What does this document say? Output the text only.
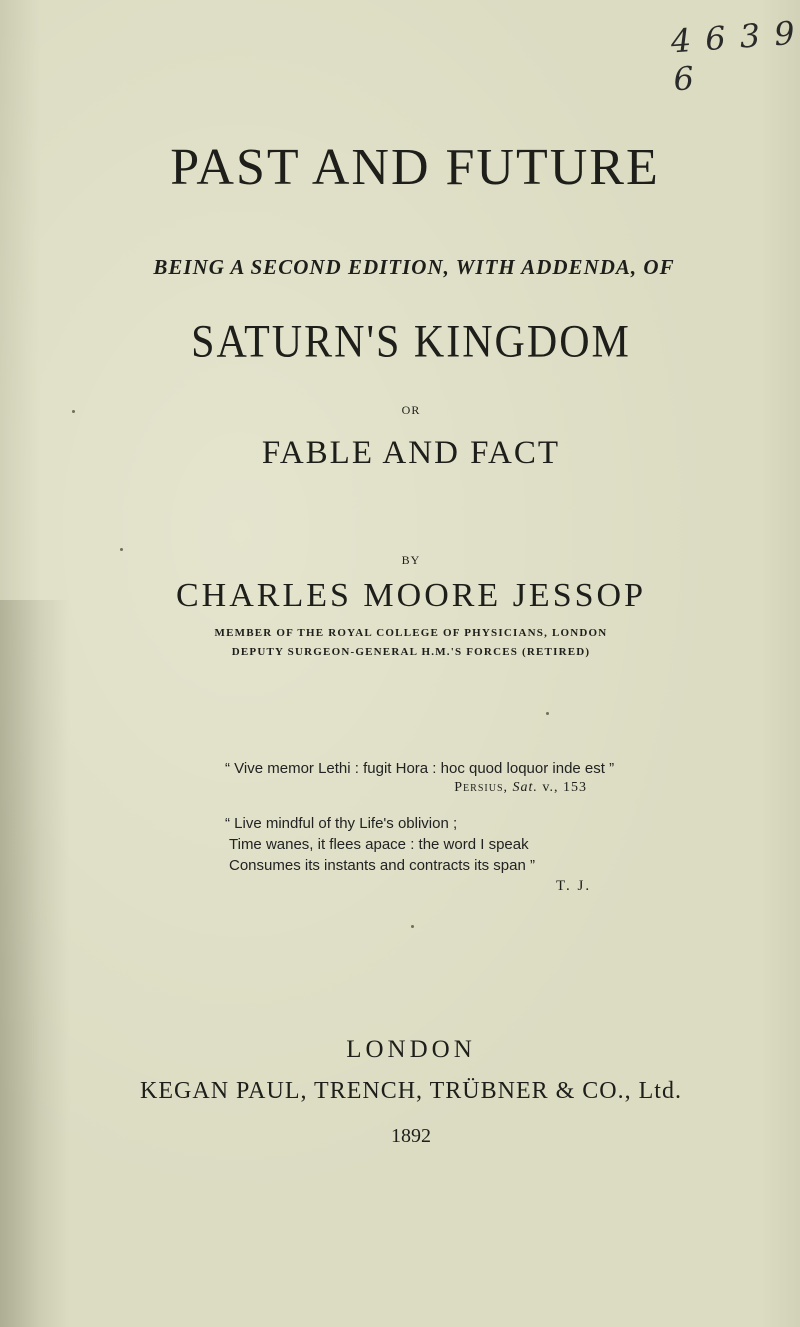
4 6 3 9 6
PAST AND FUTURE
BEING A SECOND EDITION, WITH ADDENDA, OF
SATURN'S KINGDOM
OR
FABLE AND FACT
BY
CHARLES MOORE JESSOP
MEMBER OF THE ROYAL COLLEGE OF PHYSICIANS, LONDON
DEPUTY SURGEON-GENERAL H.M.'S FORCES (RETIRED)
“ Vive memor Lethi : fugit Hora : hoc quod loquor inde est ”
Persius, Sat. v., 153
“ Live mindful of thy Life's oblivion ;
Time wanes, it flees apace : the word I speak
Consumes its instants and contracts its span ”
T. J.
LONDON
KEGAN PAUL, TRENCH, TRÜBNER & CO., Ltd.
1892
